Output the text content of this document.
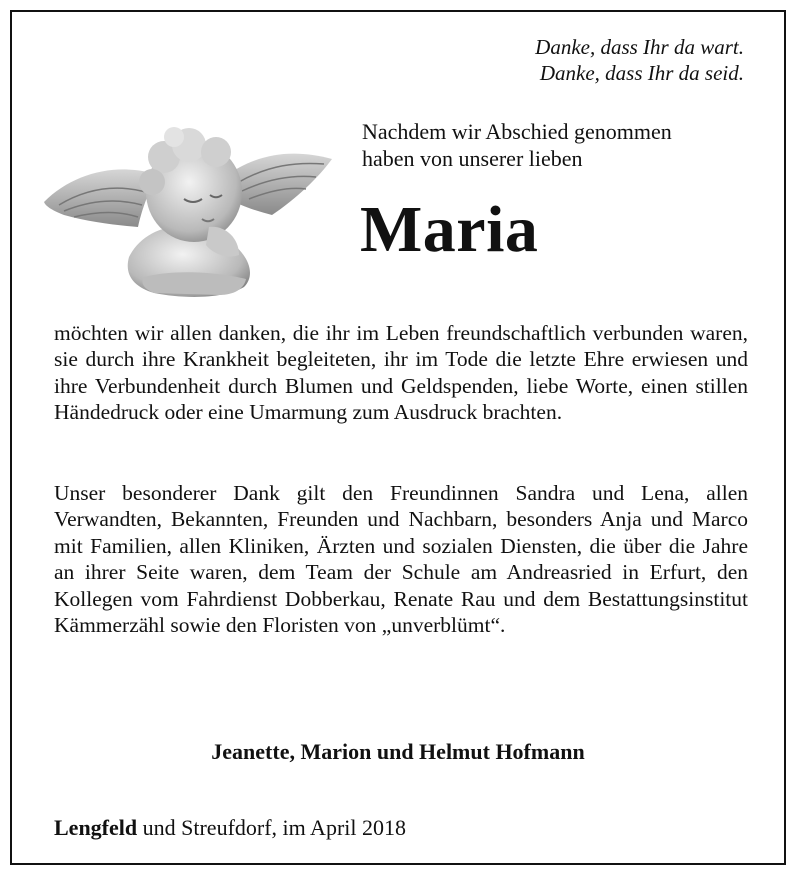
Danke, dass Ihr da wart.
Danke, dass Ihr da seid.
Nachdem wir Abschied genommen
haben von unserer lieben
Maria
möchten wir allen danken, die ihr im Leben freundschaftlich verbunden waren, sie durch ihre Krankheit begleiteten, ihr im Tode die letzte Ehre erwiesen und ihre Verbundenheit durch Blumen und Geldspenden, liebe Worte, einen stillen Händedruck oder eine Umarmung zum Ausdruck brachten.
Unser besonderer Dank gilt den Freundinnen Sandra und Lena, allen Verwandten, Bekannten, Freunden und Nachbarn, besonders Anja und Marco mit Familien, allen Kliniken, Ärzten und sozialen Diensten, die über die Jahre an ihrer Seite waren, dem Team der Schule am Andreasried in Erfurt, den Kollegen vom Fahrdienst Dobberkau, Renate Rau und dem Bestattungsinstitut Kämmerzähl sowie den Floristen von „unverblümt“.
Jeanette, Marion und Helmut Hofmann
Lengfeld und Streufdorf, im April 2018
